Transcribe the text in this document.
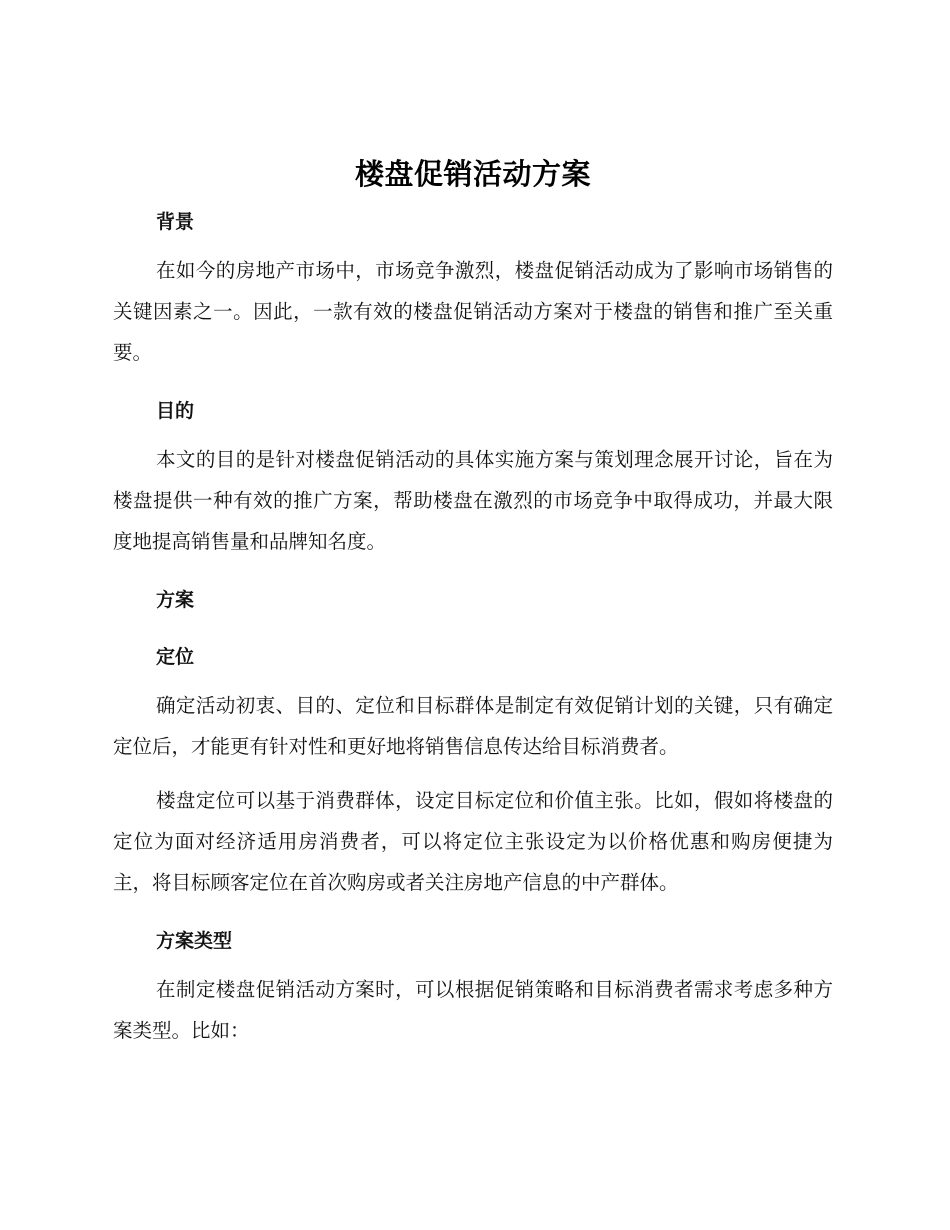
楼盘促销活动方案
背景

在如今的房地产市场中，市场竞争激烈，楼盘促销活动成为了影响市场销售的关键因素之一。因此，一款有效的楼盘促销活动方案对于楼盘的销售和推广至关重要。

目的

本文的目的是针对楼盘促销活动的具体实施方案与策划理念展开讨论，旨在为楼盘提供一种有效的推广方案，帮助楼盘在激烈的市场竞争中取得成功，并最大限度地提高销售量和品牌知名度。

方案
定位

确定活动初衷、目的、定位和目标群体是制定有效促销计划的关键，只有确定定位后，才能更有针对性和更好地将销售信息传达给目标消费者。

楼盘定位可以基于消费群体，设定目标定位和价值主张。比如，假如将楼盘的定位为面对经济适用房消费者，可以将定位主张设定为以价格优惠和购房便捷为主，将目标顾客定位在首次购房或者关注房地产信息的中产群体。

方案类型

在制定楼盘促销活动方案时，可以根据促销策略和目标消费者需求考虑多种方案类型。比如：
